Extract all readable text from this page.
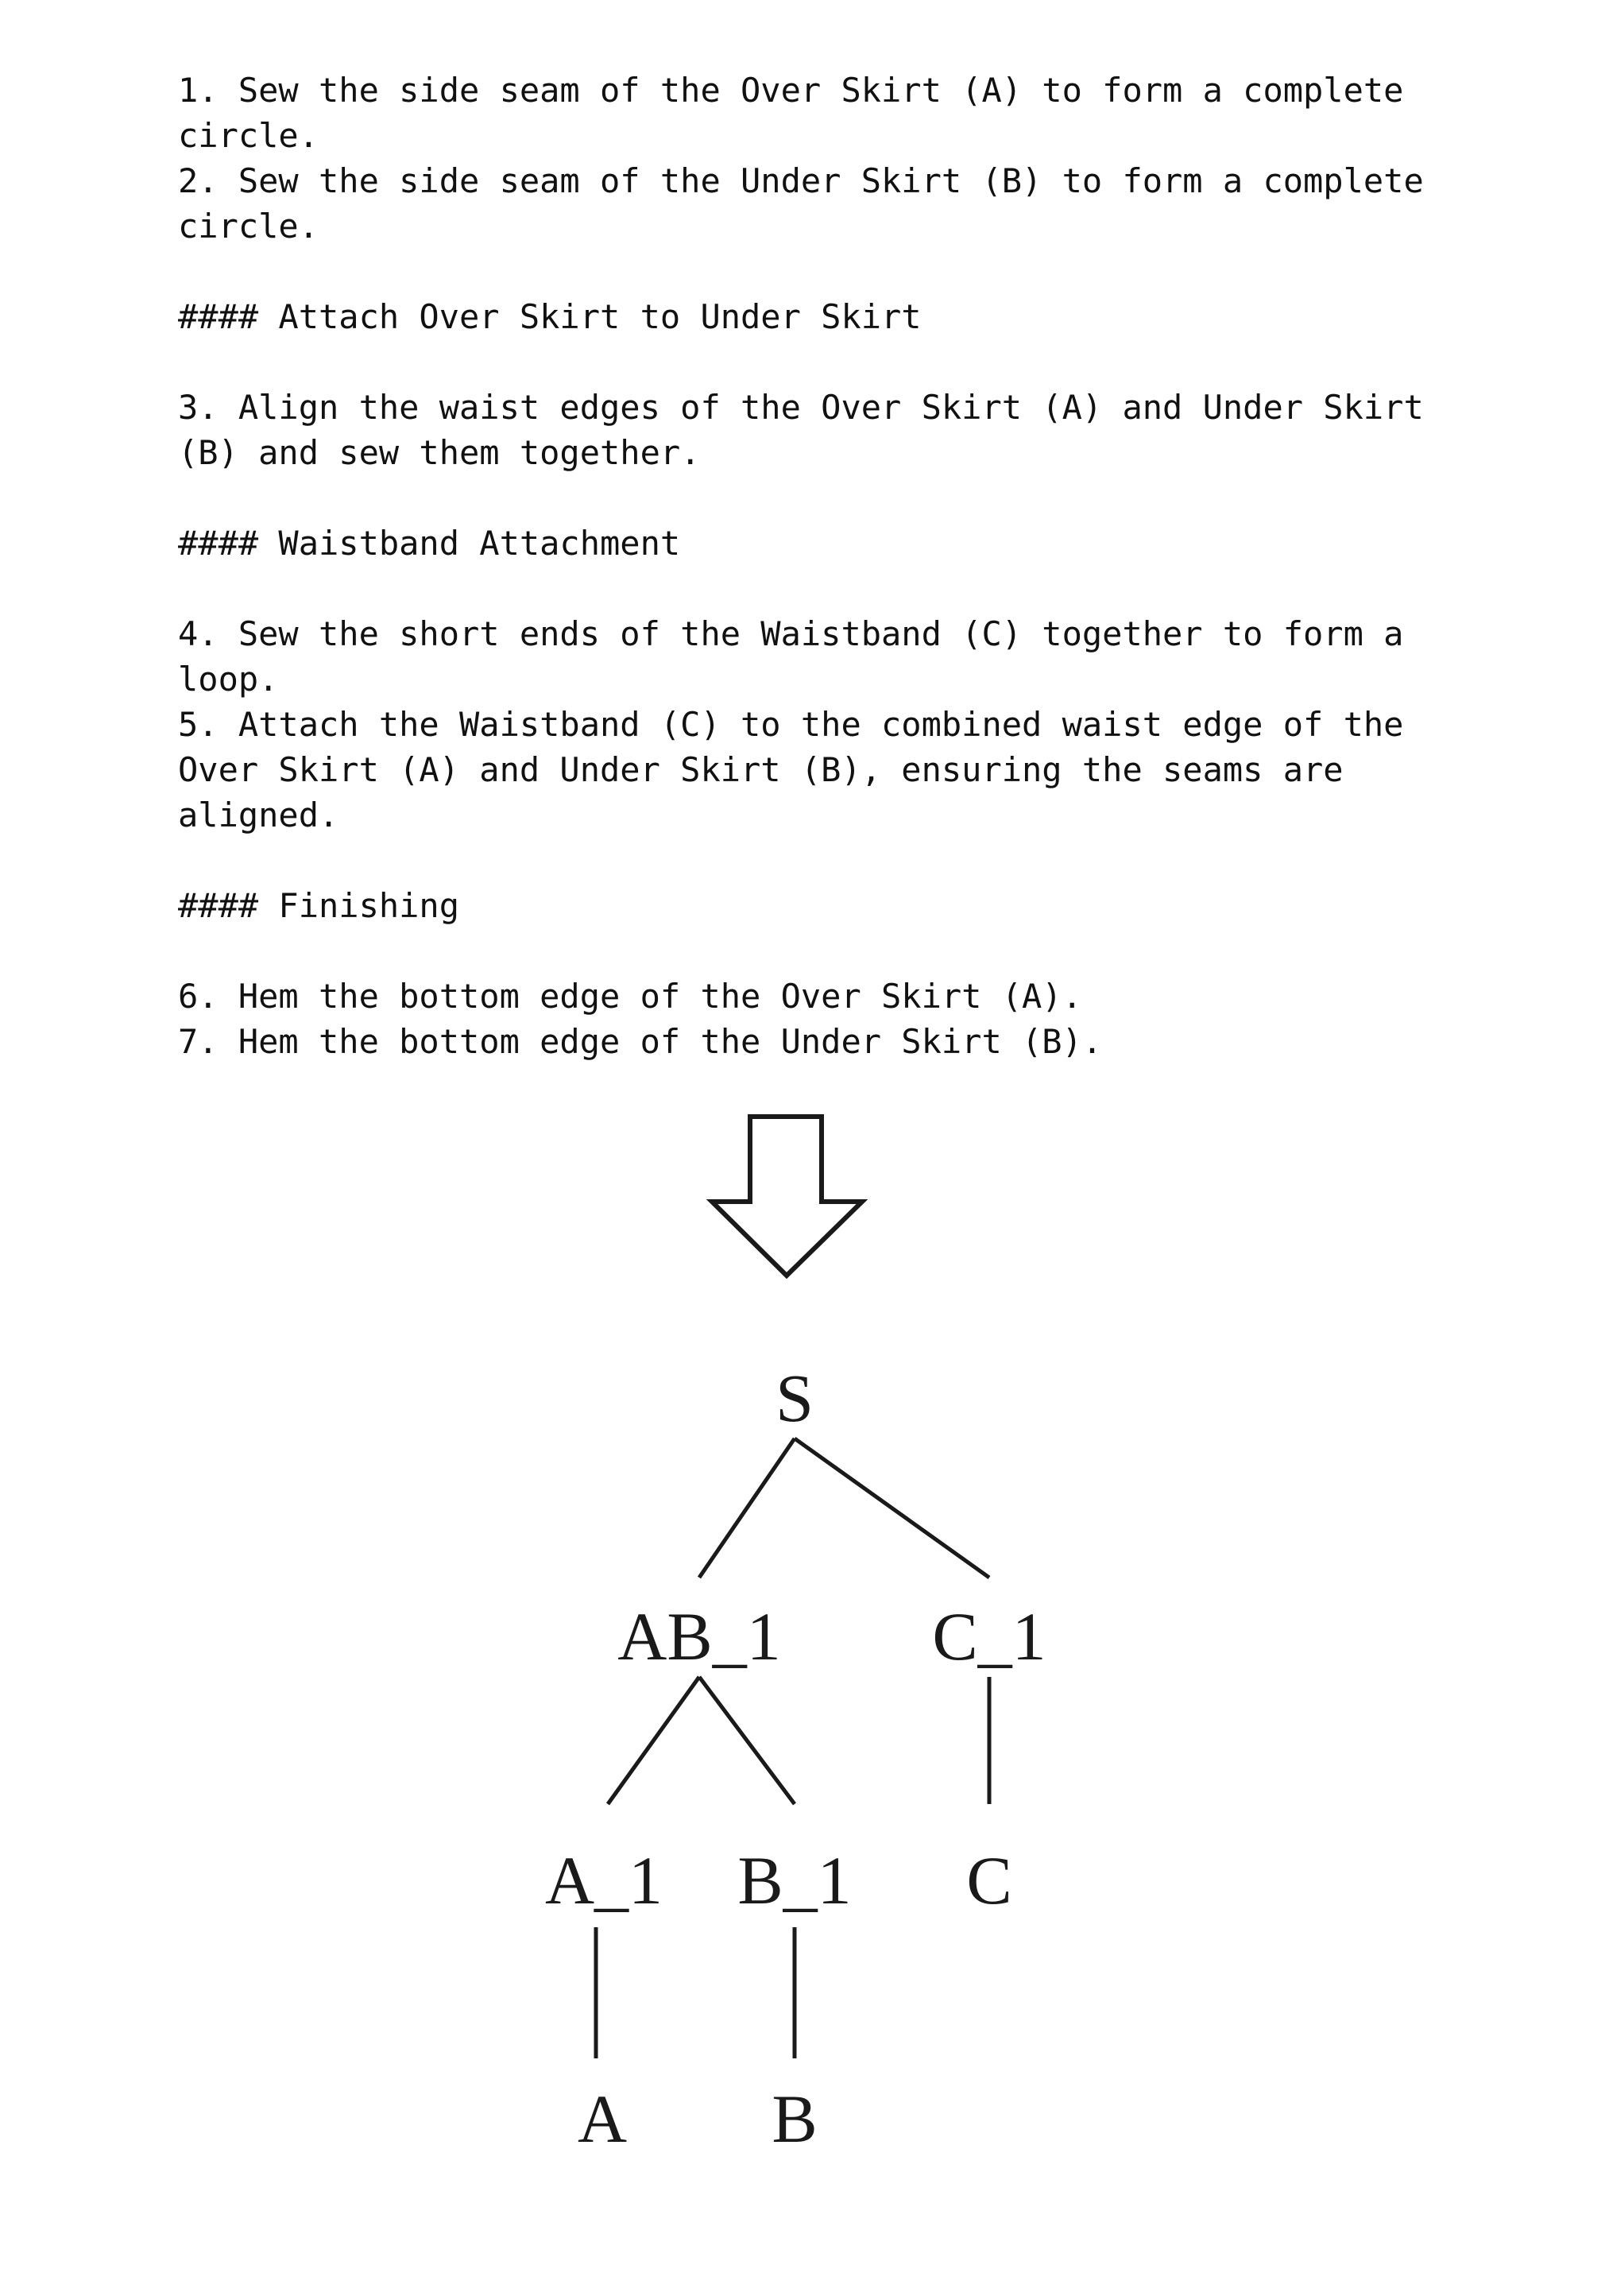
1. Sew the side seam of the Over Skirt (A) to form a complete
circle.
2. Sew the side seam of the Under Skirt (B) to form a complete
circle.
#### Attach Over Skirt to Under Skirt
3. Align the waist edges of the Over Skirt (A) and Under Skirt
(B) and sew them together.
#### Waistband Attachment
4. Sew the short ends of the Waistband (C) together to form a
loop.
5. Attach the Waistband (C) to the combined waist edge of the
Over Skirt (A) and Under Skirt (B), ensuring the seams are
aligned.
#### Finishing
6. Hem the bottom edge of the Over Skirt (A).
7. Hem the bottom edge of the Under Skirt (B).
S
AB_1 C_1
A_1 B_1 C
A B
